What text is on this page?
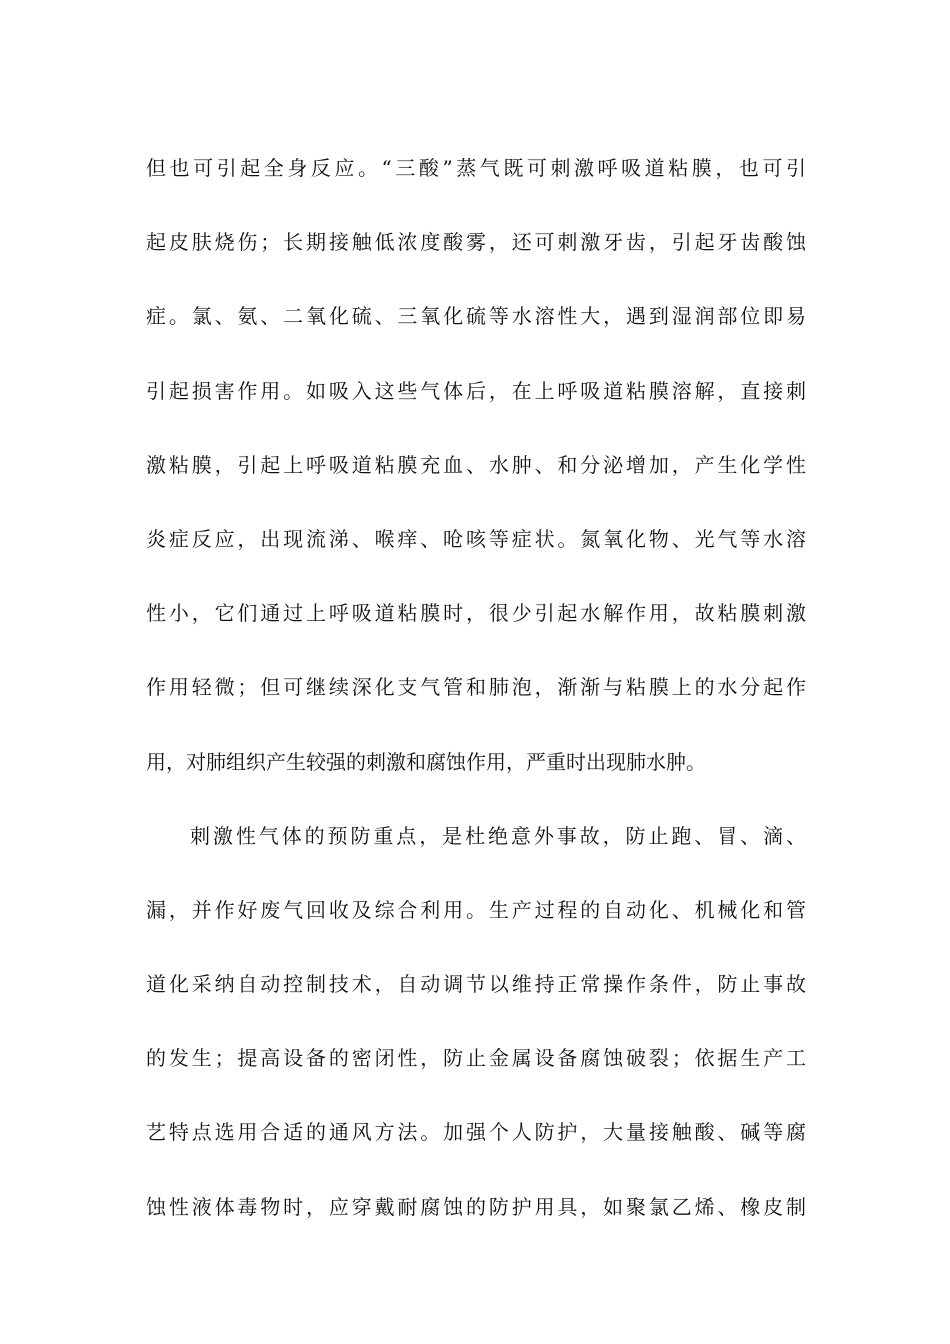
但也可引起全身反应。“三酸”蒸气既可刺激呼吸道粘膜，也可引
起皮肤烧伤；长期接触低浓度酸雾，还可刺激牙齿，引起牙齿酸蚀
症。氯、氨、二氧化硫、三氧化硫等水溶性大，遇到湿润部位即易
引起损害作用。如吸入这些气体后，在上呼吸道粘膜溶解，直接刺
激粘膜，引起上呼吸道粘膜充血、水肿、和分泌增加，产生化学性
炎症反应，出现流涕、喉痒、呛咳等症状。氮氧化物、光气等水溶
性小，它们通过上呼吸道粘膜时，很少引起水解作用，故粘膜刺激
作用轻微；但可继续深化支气管和肺泡，渐渐与粘膜上的水分起作
用，对肺组织产生较强的刺激和腐蚀作用，严重时出现肺水肿。
刺激性气体的预防重点，是杜绝意外事故，防止跑、冒、滴、
漏，并作好废气回收及综合利用。生产过程的自动化、机械化和管
道化采纳自动控制技术，自动调节以维持正常操作条件，防止事故
的发生；提高设备的密闭性，防止金属设备腐蚀破裂；依据生产工
艺特点选用合适的通风方法。加强个人防护，大量接触酸、碱等腐
蚀性液体毒物时，应穿戴耐腐蚀的防护用具，如聚氯乙烯、橡皮制
